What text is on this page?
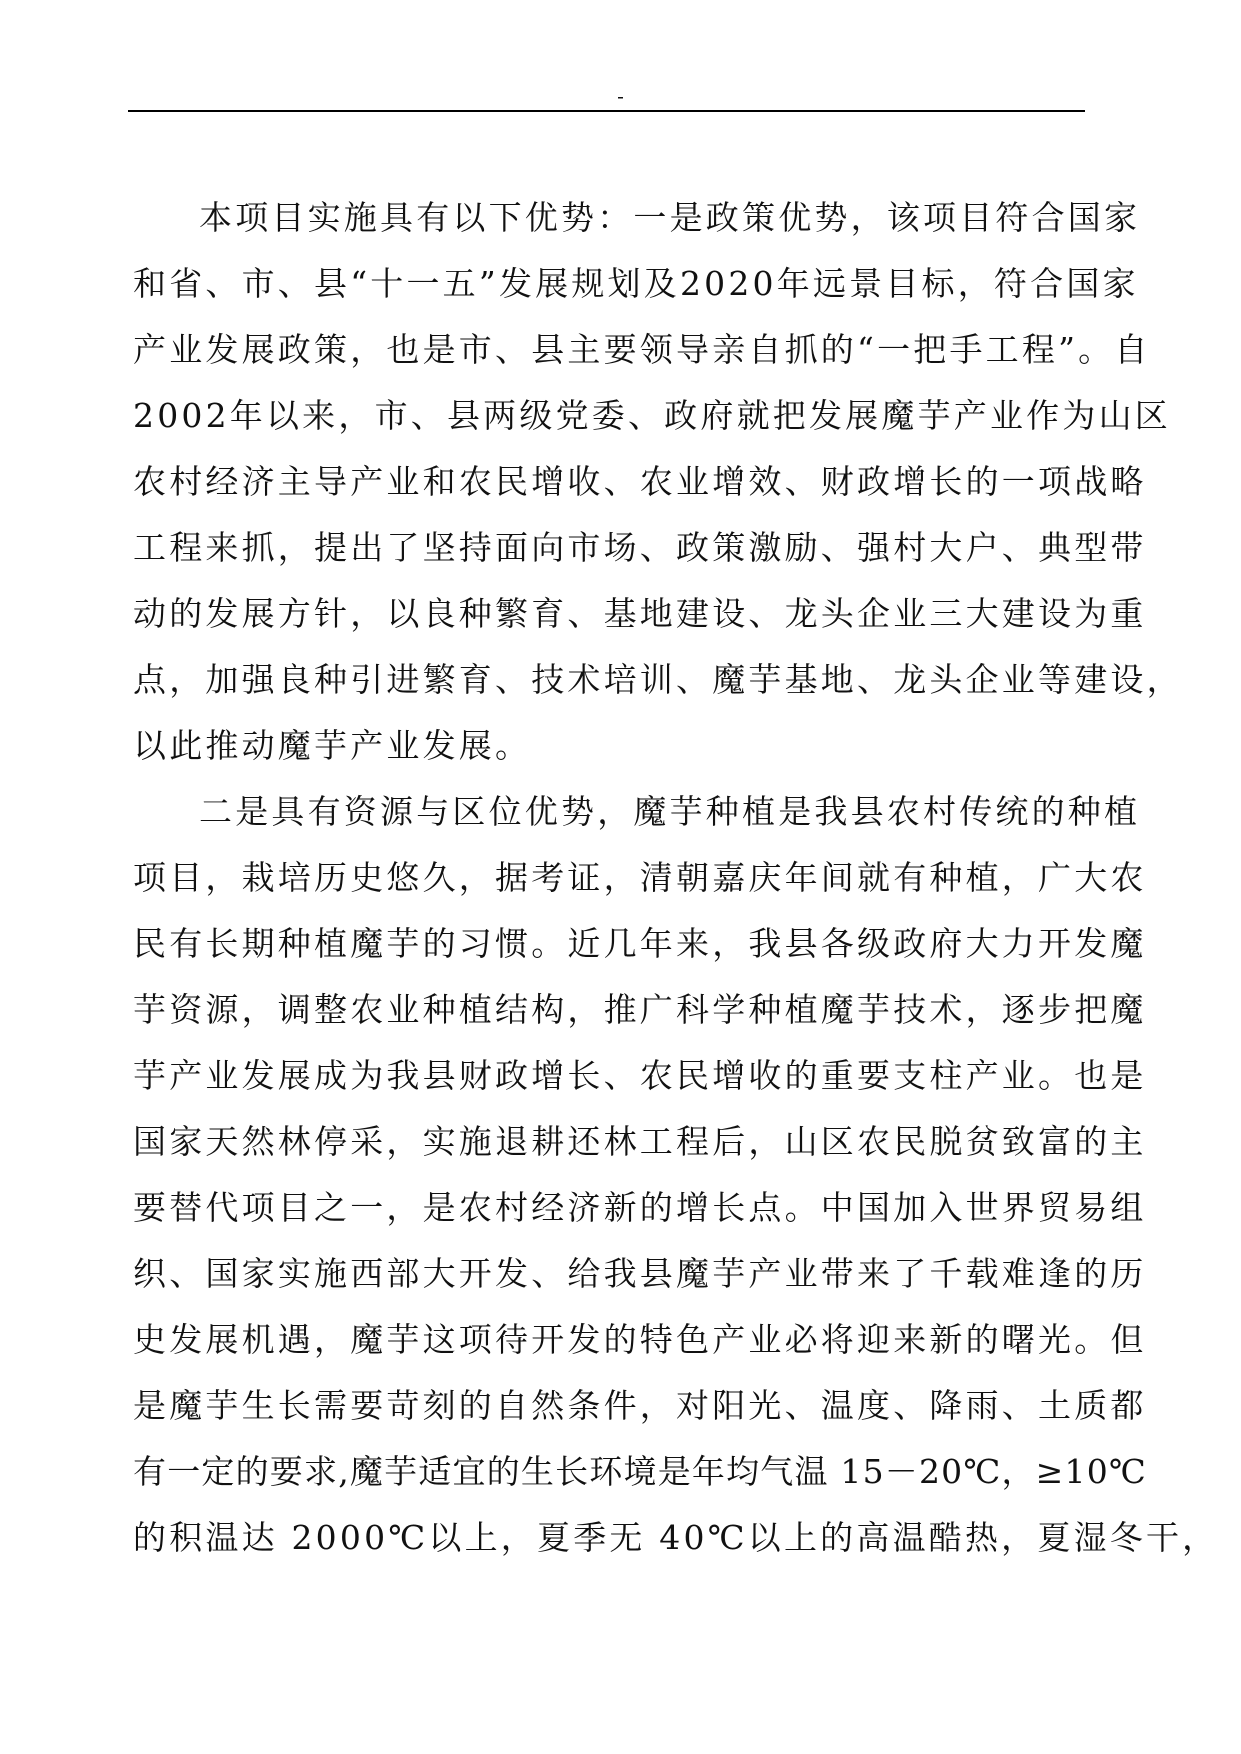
-
本项目实施具有以下优势：一是政策优势，该项目符合国家
和省、市、县“十一五”发展规划及2020年远景目标，符合国家
产业发展政策，也是市、县主要领导亲自抓的“一把手工程”。自
2002年以来，市、县两级党委、政府就把发展魔芋产业作为山区
农村经济主导产业和农民增收、农业增效、财政增长的一项战略
工程来抓，提出了坚持面向市场、政策激励、强村大户、典型带
动的发展方针，以良种繁育、基地建设、龙头企业三大建设为重
点，加强良种引进繁育、技术培训、魔芋基地、龙头企业等建设，
以此推动魔芋产业发展。
二是具有资源与区位优势，魔芋种植是我县农村传统的种植
项目，栽培历史悠久，据考证，清朝嘉庆年间就有种植，广大农
民有长期种植魔芋的习惯。近几年来，我县各级政府大力开发魔
芋资源，调整农业种植结构，推广科学种植魔芋技术，逐步把魔
芋产业发展成为我县财政增长、农民增收的重要支柱产业。也是
国家天然林停采，实施退耕还林工程后，山区农民脱贫致富的主
要替代项目之一，是农村经济新的增长点。中国加入世界贸易组
织、国家实施西部大开发、给我县魔芋产业带来了千载难逢的历
史发展机遇，魔芋这项待开发的特色产业必将迎来新的曙光。但
是魔芋生长需要苛刻的自然条件，对阳光、温度、降雨、土质都
有一定的要求,魔芋适宜的生长环境是年均气温 15－20℃，≥10℃
的积温达 2000℃以上，夏季无 40℃以上的高温酷热，夏湿冬干，
